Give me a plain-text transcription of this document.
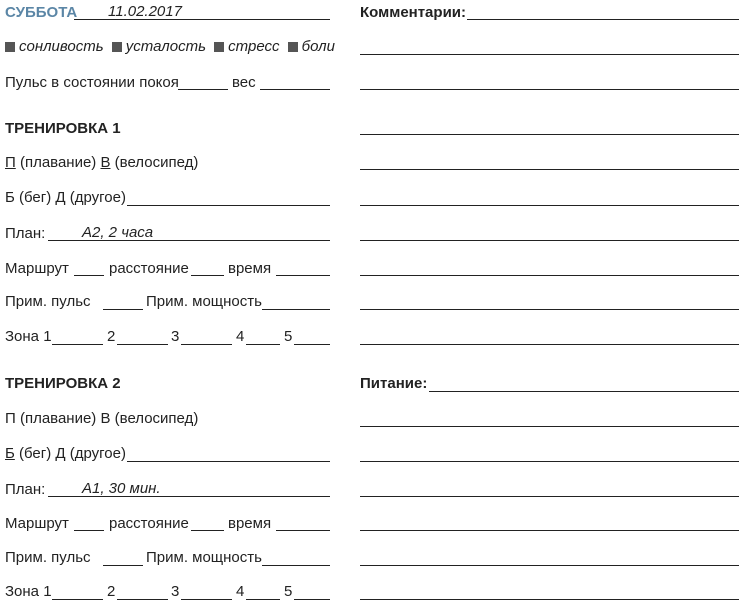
СУББОТА 11.02.2017
сонливость усталость стресс боли
Пульс в состоянии покоя	вес
ТРЕНИРОВКА 1
П (плавание) В (велосипед)
Б (бег) Д (другое)
План: А2, 2 часа
Маршрут	расстояние	время
Прим. пульс	Прим. мощность
Зона 1	2	3	4	5
ТРЕНИРОВКА 2
П (плавание) В (велосипед)
Б (бег) Д (другое)
План: А1, 30 мин.
Маршрут	расстояние	время
Прим. пульс	Прим. мощность
Зона 1	2	3	4	5
Комментарии:
Питание:
